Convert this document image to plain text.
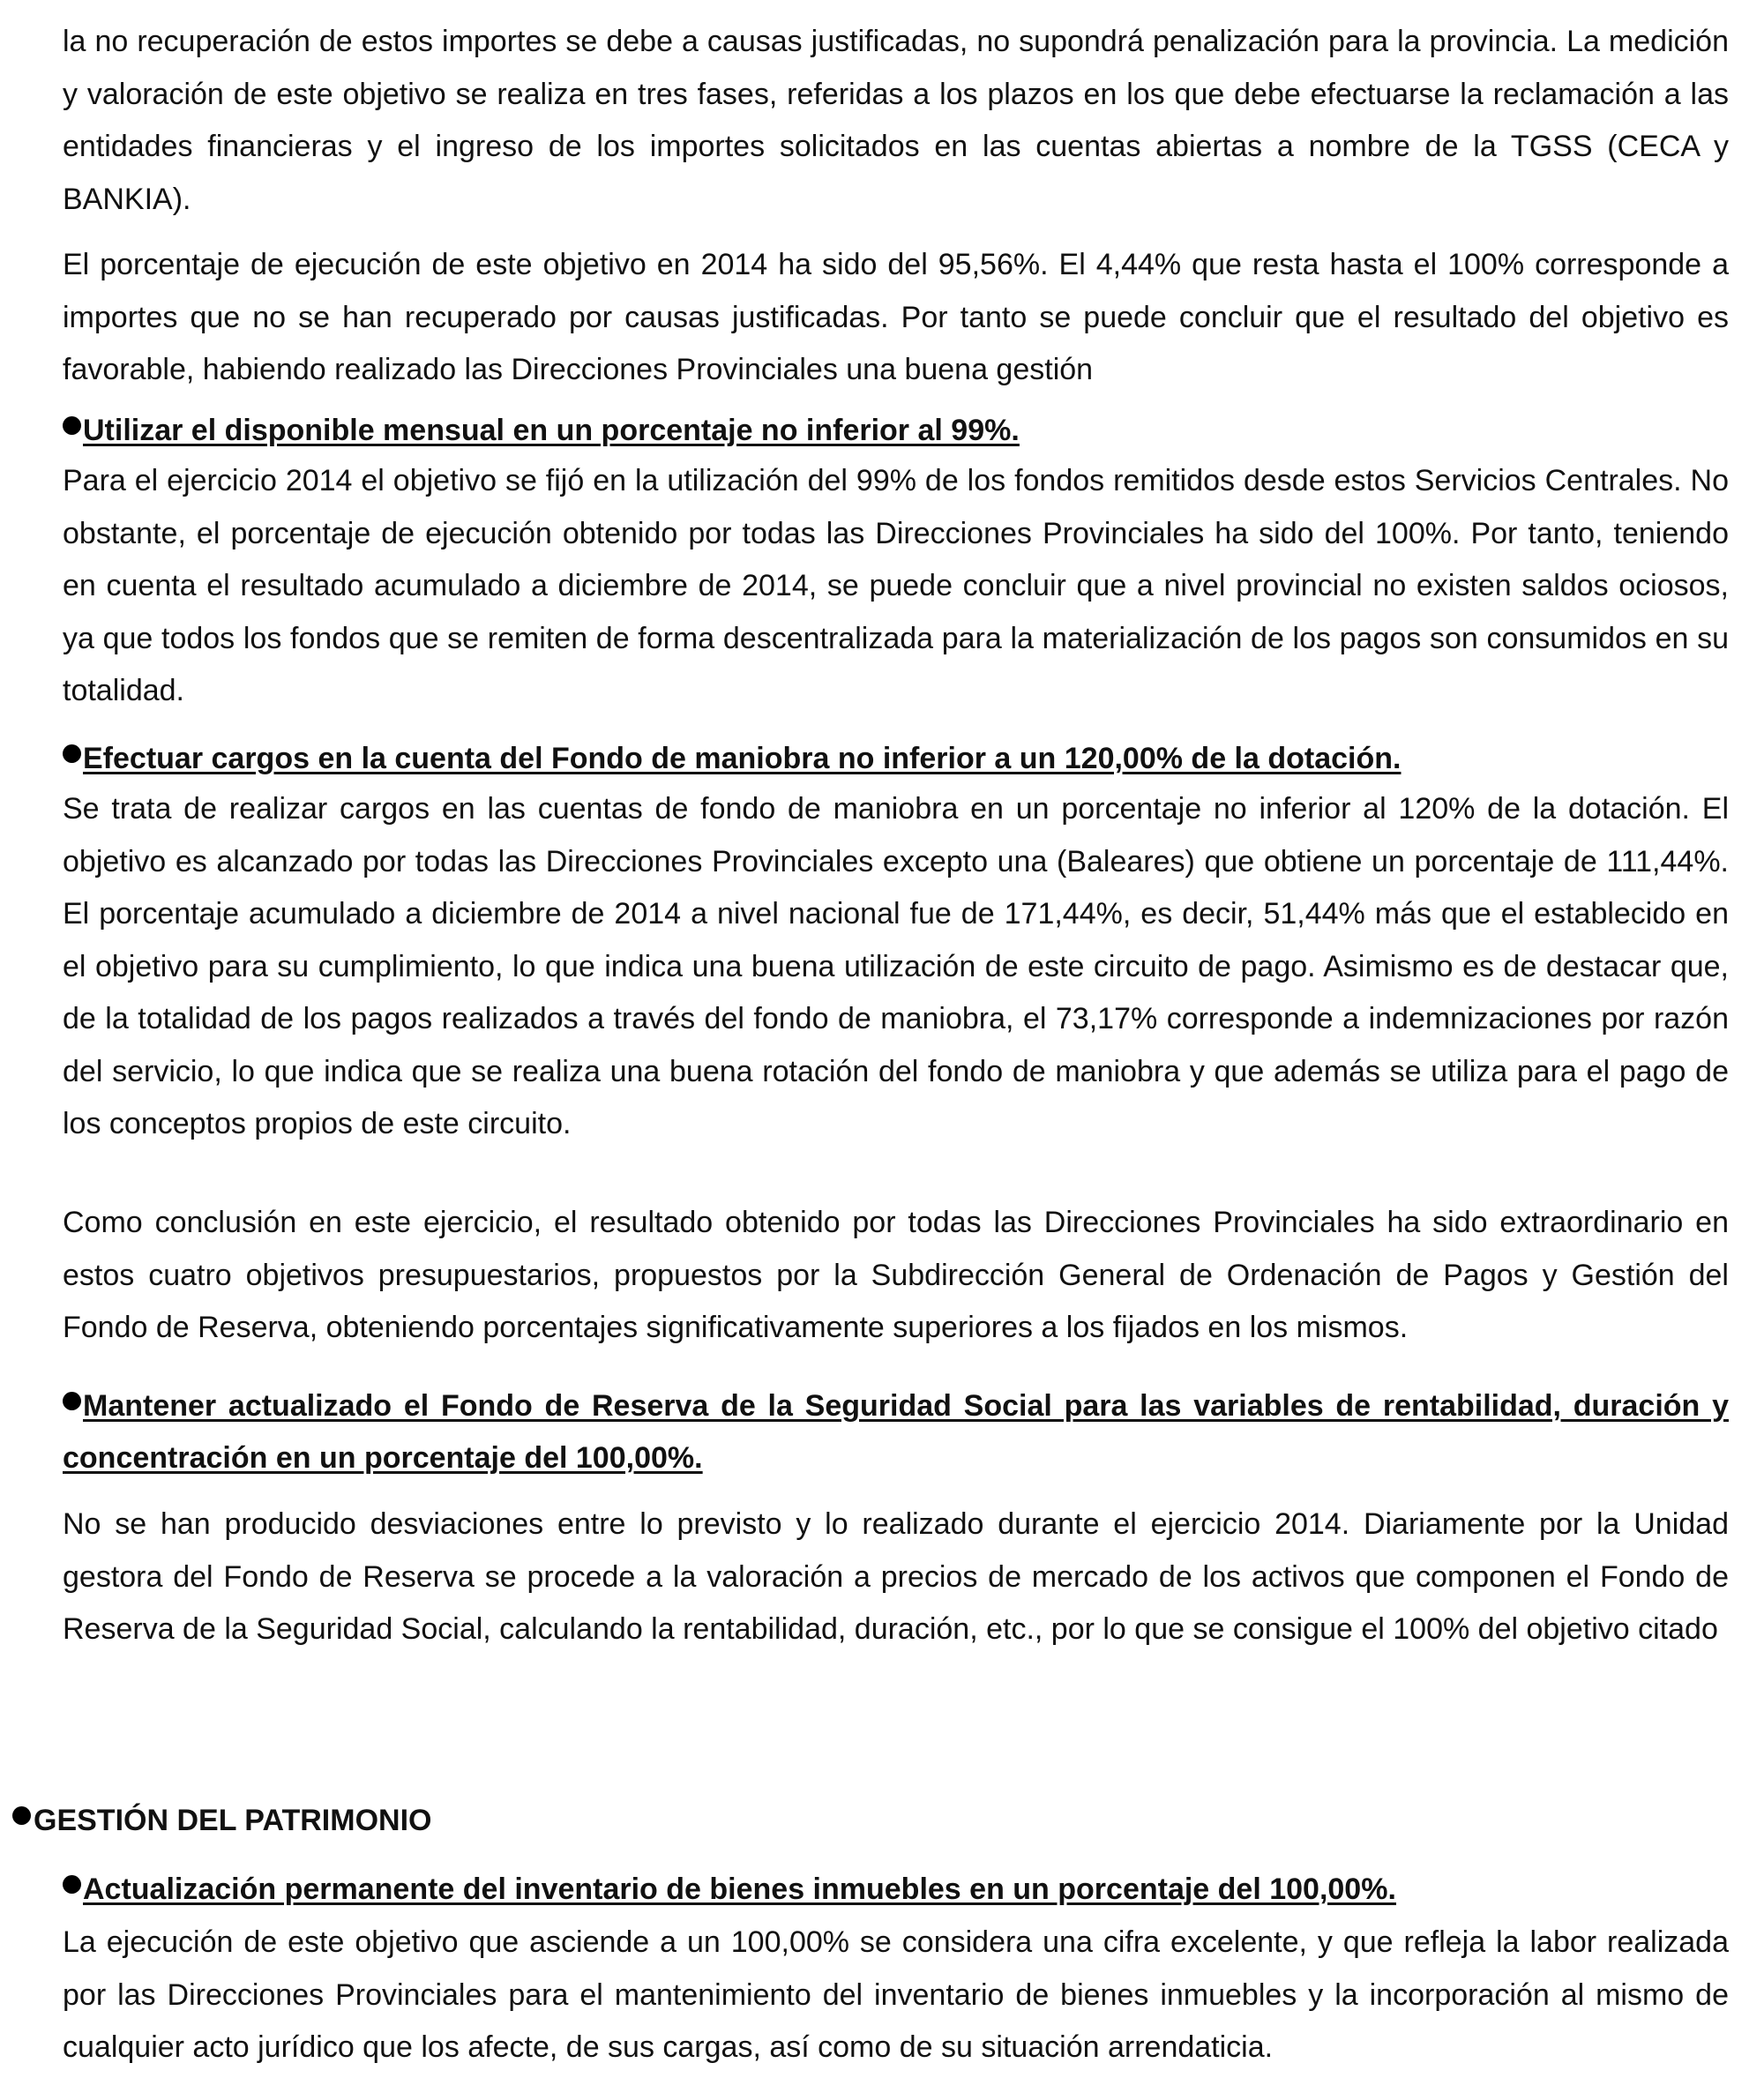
la no recuperación de estos importes se debe a causas justificadas, no supondrá penalización para la provincia. La medición y valoración de este objetivo se realiza en tres fases, referidas a los plazos en los que debe efectuarse la reclamación a las entidades financieras y el ingreso de los importes solicitados en las cuentas abiertas a nombre de la TGSS (CECA y BANKIA).

El porcentaje de ejecución de este objetivo en 2014 ha sido del 95,56%. El 4,44% que resta hasta el 100% corresponde a importes que no se han recuperado por causas justificadas. Por tanto se puede concluir que el resultado del objetivo es favorable, habiendo realizado las Direcciones Provinciales una buena gestión

Utilizar el disponible mensual en un porcentaje no inferior al 99%.

Para el ejercicio 2014 el objetivo se fijó en la utilización del 99% de los fondos remitidos desde estos Servicios Centrales. No obstante, el porcentaje de ejecución obtenido por todas las Direcciones Provinciales ha sido del 100%. Por tanto, teniendo en cuenta el resultado acumulado a diciembre de 2014, se puede concluir que a nivel provincial no existen saldos ociosos, ya que todos los fondos que se remiten de forma descentralizada para la materialización de los pagos son consumidos en su totalidad.

Efectuar cargos en la cuenta del Fondo de maniobra no inferior a un 120,00% de la dotación.

Se trata de realizar cargos en las cuentas de fondo de maniobra en un porcentaje no inferior al 120% de la dotación. El objetivo es alcanzado por todas las Direcciones Provinciales excepto una (Baleares) que obtiene un porcentaje de 111,44%. El porcentaje acumulado a diciembre de 2014 a nivel nacional fue de 171,44%, es decir, 51,44% más que el establecido en el objetivo para su cumplimiento, lo que indica una buena utilización de este circuito de pago. Asimismo es de destacar que, de la totalidad de los pagos realizados a través del fondo de maniobra, el 73,17% corresponde a indemnizaciones por razón del servicio, lo que indica que se realiza una buena rotación del fondo de maniobra y que además se utiliza para el pago de los conceptos propios de este circuito.

Como conclusión en este ejercicio, el resultado obtenido por todas las Direcciones Provinciales ha sido extraordinario en estos cuatro objetivos presupuestarios, propuestos por la Subdirección General de Ordenación de Pagos y Gestión del Fondo de Reserva, obteniendo porcentajes significativamente superiores a los fijados en los mismos.

Mantener actualizado el Fondo de Reserva de la Seguridad Social para las variables de rentabilidad, duración y concentración en un porcentaje del 100,00%.

No se han producido desviaciones entre lo previsto y lo realizado durante el ejercicio 2014. Diariamente por la Unidad gestora del Fondo de Reserva se procede a la valoración a precios de mercado de los activos que componen el Fondo de Reserva de la Seguridad Social, calculando la rentabilidad, duración, etc., por lo que se consigue el 100% del objetivo citado

Actualización permanente del inventario de bienes inmuebles en un porcentaje del 100,00%.

La ejecución de este objetivo que asciende a un 100,00% se considera una cifra excelente, y que refleja la labor realizada por las Direcciones Provinciales para el mantenimiento del inventario de bienes inmuebles y la incorporación al mismo de cualquier acto jurídico que los afecte, de sus cargas, así como de su situación arrendaticia.

GESTIÓN DEL PATRIMONIO
